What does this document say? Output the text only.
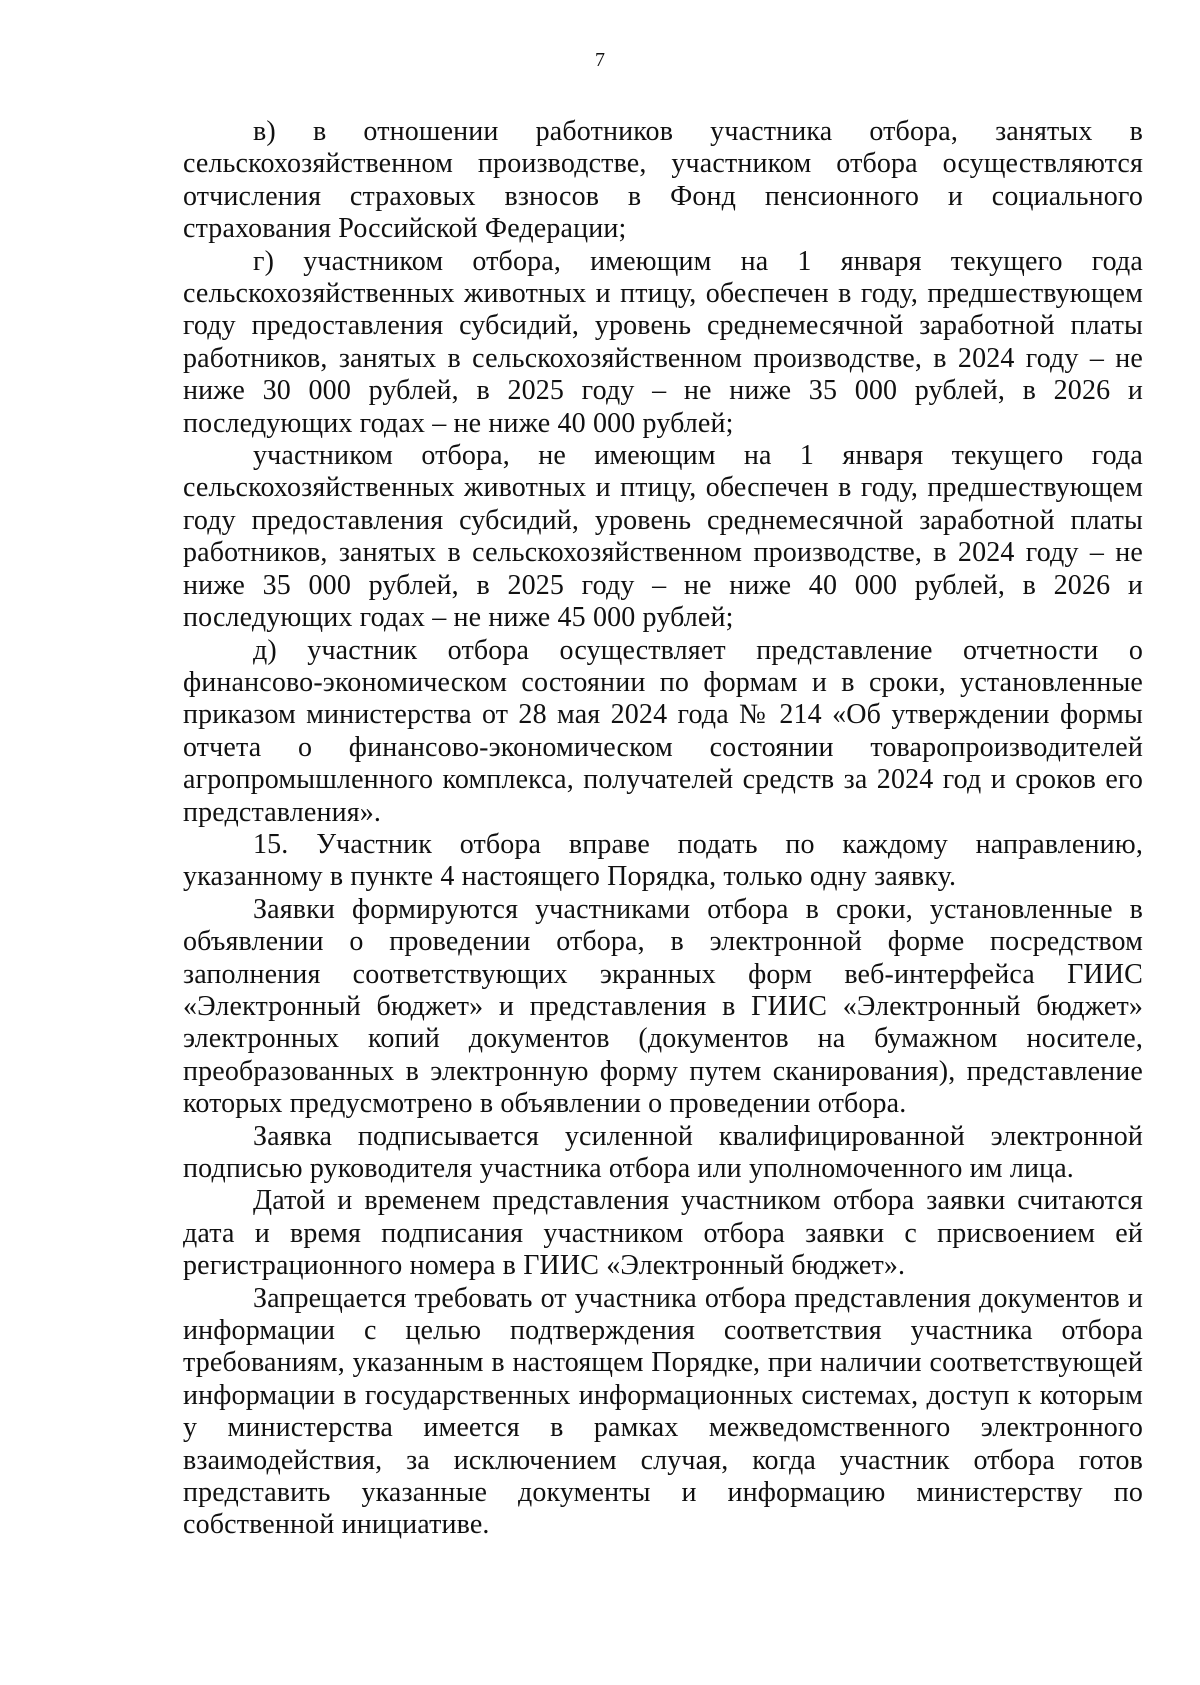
7

в) в отношении работников участника отбора, занятых в сельскохозяйственном производстве, участником отбора осуществляются отчисления страховых взносов в Фонд пенсионного и социального страхования Российской Федерации;

г) участником отбора, имеющим на 1 января текущего года сельскохозяйственных животных и птицу, обеспечен в году, предшествующем году предоставления субсидий, уровень среднемесячной заработной платы работников, занятых в сельскохозяйственном производстве, в 2024 году – не ниже 30 000 рублей, в 2025 году – не ниже 35 000 рублей, в 2026 и последующих годах – не ниже 40 000 рублей;

участником отбора, не имеющим на 1 января текущего года сельскохозяйственных животных и птицу, обеспечен в году, предшествующем году предоставления субсидий, уровень среднемесячной заработной платы работников, занятых в сельскохозяйственном производстве, в 2024 году – не ниже 35 000 рублей, в 2025 году – не ниже 40 000 рублей, в 2026 и последующих годах – не ниже 45 000 рублей;

д) участник отбора осуществляет представление отчетности о финансово-экономическом состоянии по формам и в сроки, установленные приказом министерства от 28 мая 2024 года № 214 «Об утверждении формы отчета о финансово-экономическом состоянии товаропроизводителей агропромышленного комплекса, получателей средств за 2024 год и сроков его представления».

15. Участник отбора вправе подать по каждому направлению, указанному в пункте 4 настоящего Порядка, только одну заявку.

Заявки формируются участниками отбора в сроки, установленные в объявлении о проведении отбора, в электронной форме посредством заполнения соответствующих экранных форм веб-интерфейса ГИИС «Электронный бюджет» и представления в ГИИС «Электронный бюджет» электронных копий документов (документов на бумажном носителе, преобразованных в электронную форму путем сканирования), представление которых предусмотрено в объявлении о проведении отбора.

Заявка подписывается усиленной квалифицированной электронной подписью руководителя участника отбора или уполномоченного им лица.

Датой и временем представления участником отбора заявки считаются дата и время подписания участником отбора заявки с присвоением ей регистрационного номера в ГИИС «Электронный бюджет».

Запрещается требовать от участника отбора представления документов и информации с целью подтверждения соответствия участника отбора требованиям, указанным в настоящем Порядке, при наличии соответствующей информации в государственных информационных системах, доступ к которым у министерства имеется в рамках межведомственного электронного взаимодействия, за исключением случая, когда участник отбора готов представить указанные документы и информацию министерству по собственной инициативе.
